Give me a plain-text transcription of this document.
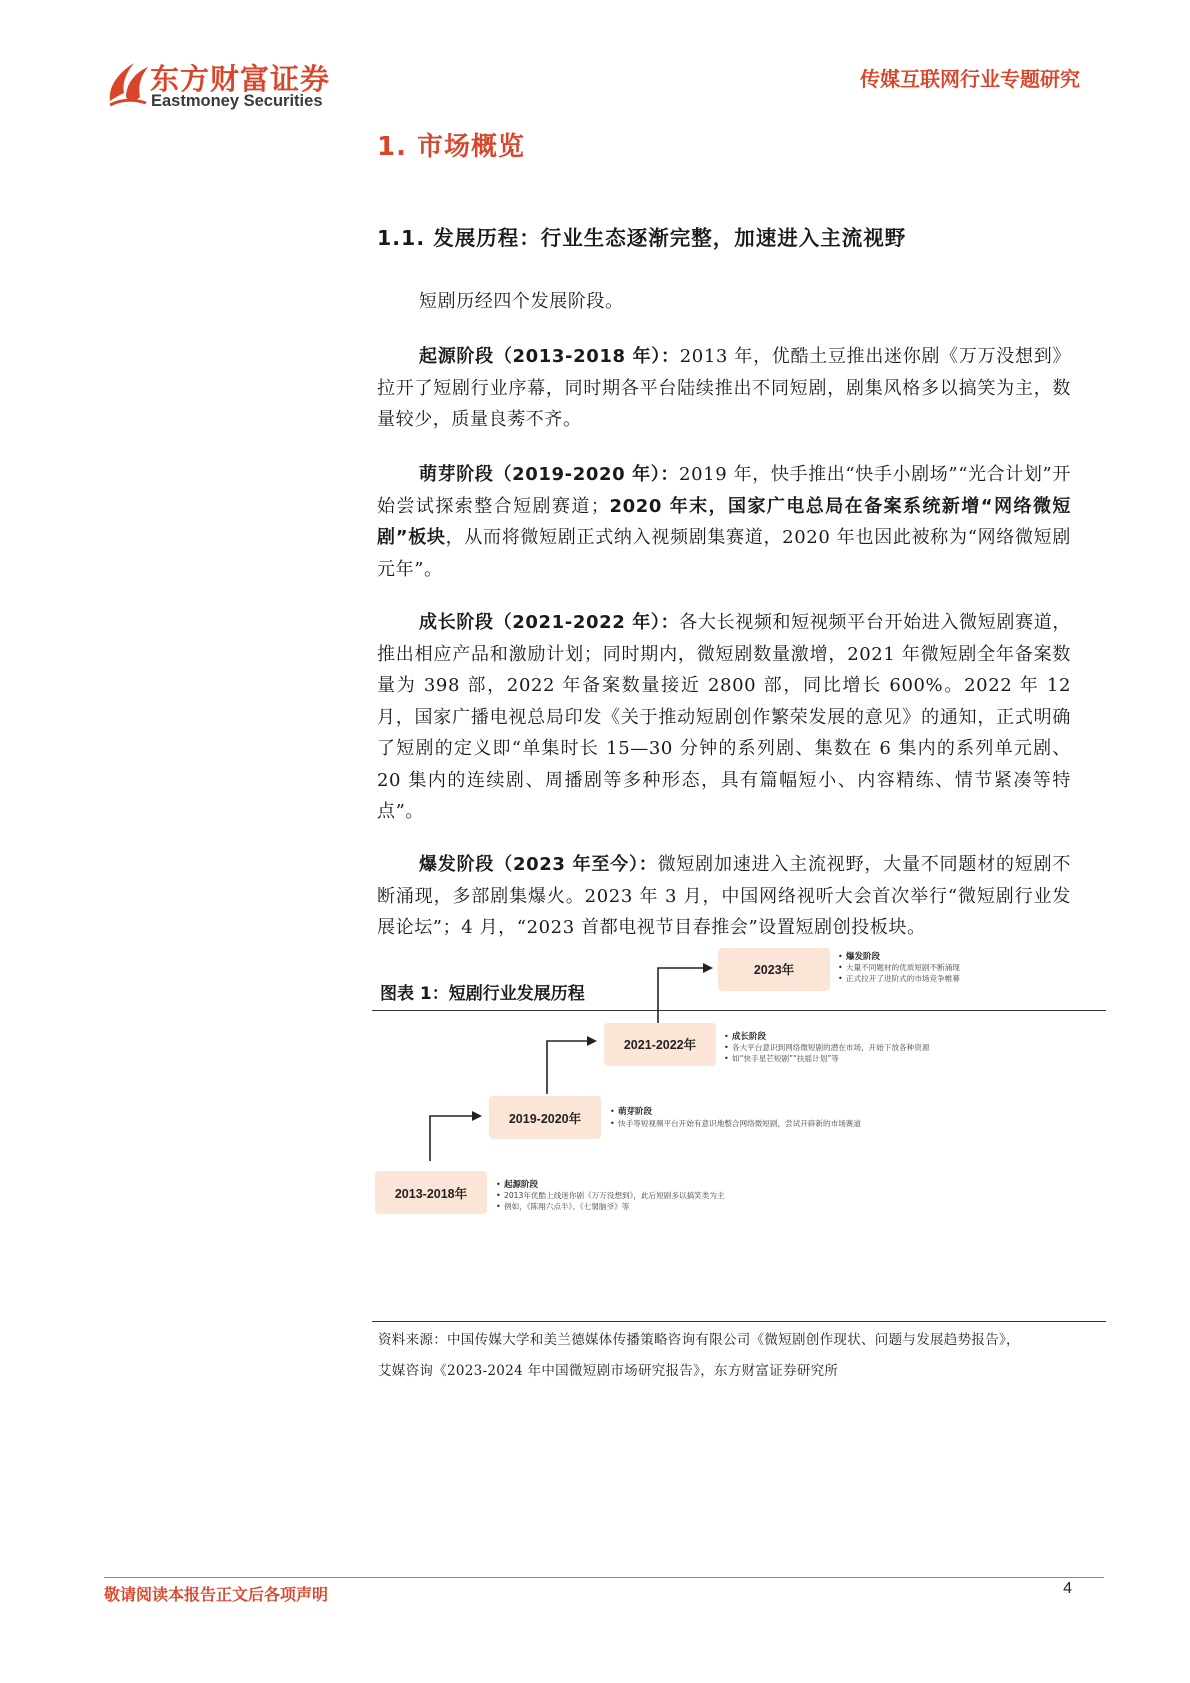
东方财富证券
Eastmoney Securities
传媒互联网行业专题研究
1. 市场概览
1.1. 发展历程：行业生态逐渐完整，加速进入主流视野

短剧历经四个发展阶段。

起源阶段（2013-2018 年）：2013 年，优酷土豆推出迷你剧《万万没想到》拉开了短剧行业序幕，同时期各平台陆续推出不同短剧，剧集风格多以搞笑为主，数量较少，质量良莠不齐。

萌芽阶段（2019-2020 年）：2019 年，快手推出“快手小剧场”“光合计划”开始尝试探索整合短剧赛道；2020 年末，国家广电总局在备案系统新增“网络微短剧”板块，从而将微短剧正式纳入视频剧集赛道，2020 年也因此被称为“网络微短剧元年”。

成长阶段（2021-2022 年）：各大长视频和短视频平台开始进入微短剧赛道，推出相应产品和激励计划；同时期内，微短剧数量激增，2021 年微短剧全年备案数量为 398 部，2022 年备案数量接近 2800 部，同比增长 600%。2022 年 12 月，国家广播电视总局印发《关于推动短剧创作繁荣发展的意见》的通知，正式明确了短剧的定义即“单集时长 15—30 分钟的系列剧、集数在 6 集内的系列单元剧、20 集内的连续剧、周播剧等多种形态，具有篇幅短小、内容精练、情节紧凑等特点”。

爆发阶段（2023 年至今）：微短剧加速进入主流视野，大量不同题材的短剧不断涌现，多部剧集爆火。2023 年 3 月，中国网络视听大会首次举行“微短剧行业发展论坛”；4 月，“2023 首都电视节目春推会”设置短剧创投板块。

图表 1：短剧行业发展历程
2013-2018年
起源阶段
•
• 2013年优酷上线迷你剧《万万没想到》，此后短剧多以搞笑类为主
• 例如，《陈翔六点半》、《七舅脑爷》等
2019-2020年
• 萌芽阶段
• 快手等短视频平台开始有意识地整合网络微短剧，尝试开辟新的市场赛道
2021-2022年
• 成长阶段
• 各大平台意识到网络微短剧的潜在市场，开始下放各种资源
• 如“快手星芒短剧”“扶摇计划”等
2023年
• 爆发阶段
• 大量不同题材的优质短剧不断涌现
• 正式拉开了进阶式的市场竞争帷幕
资料来源：中国传媒大学和美兰德媒体传播策略咨询有限公司《微短剧创作现状、问题与发展趋势报告》，
艾媒咨询《2023-2024 年中国微短剧市场研究报告》，东方财富证券研究所
敬请阅读本报告正文后各项声明	4
